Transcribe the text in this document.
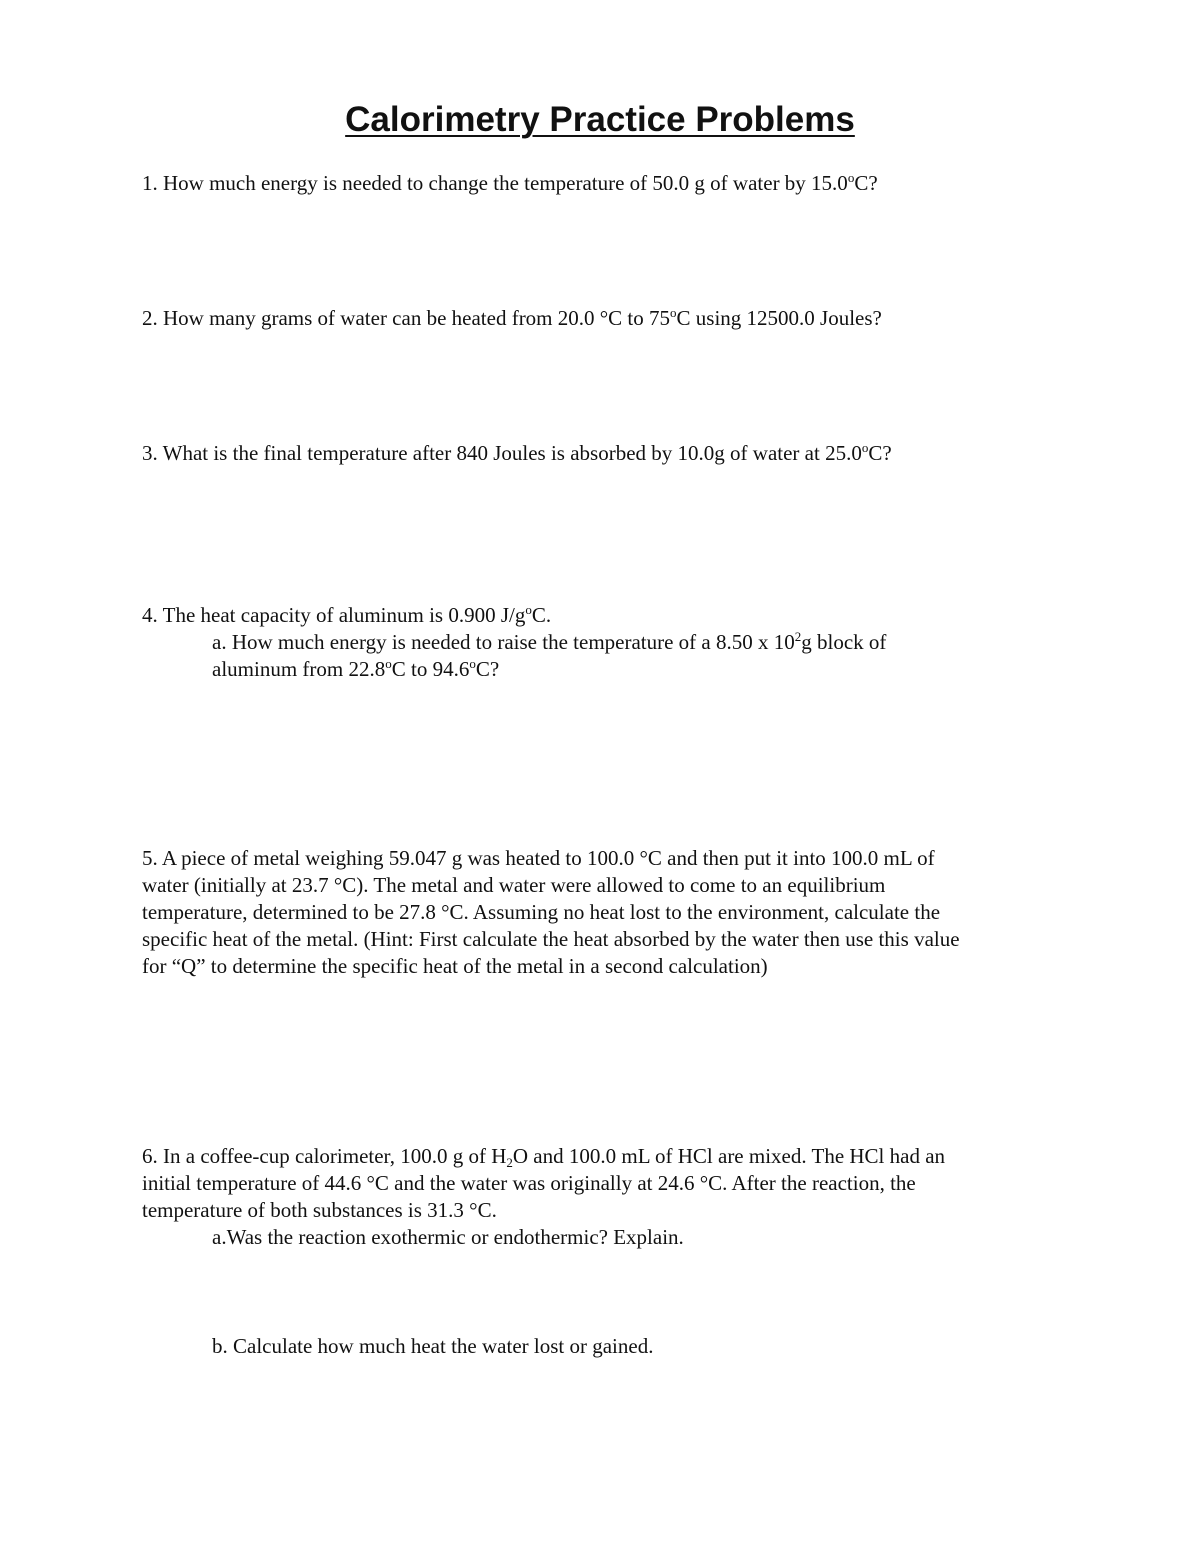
Calorimetry Practice Problems

1. How much energy is needed to change the temperature of 50.0 g of water by 15.0$^o$C?

2. How many grams of water can be heated from 20.0 °C to 75$^o$C using 12500.0 Joules?

3. What is the final temperature after 840 Joules is absorbed by 10.0g of water at 25.0$^o$C?

4. The heat capacity of aluminum is 0.900 $J/g^oC$.

a. How much energy is needed to raise the temperature of a 8.50 x $10^2g$ block of

aluminum from 22.8$^o$C to 94.6$^o$C?

5. A piece of metal weighing 59.047 g was heated to 100.0 °C and then put it into 100.0 mL of

water (initially at 23.7 °C). The metal and water were allowed to come to an equilibrium

temperature, determined to be 27.8 °C. Assuming no heat lost to the environment, calculate the

specific heat of the metal. (Hint: First calculate the heat absorbed by the water then use this value

for “Q” to determine the specific heat of the metal in a second calculation)

6. In a coffee-cup calorimeter, 100.0 g of $H_2O$ and 100.0 mL of HCl are mixed. The HCl had an

initial temperature of 44.6 °C and the water was originally at 24.6 °C. After the reaction, the

temperature of both substances is 31.3 °C.

a.Was the reaction exothermic or endothermic? Explain.

b. Calculate how much heat the water lost or gained.
